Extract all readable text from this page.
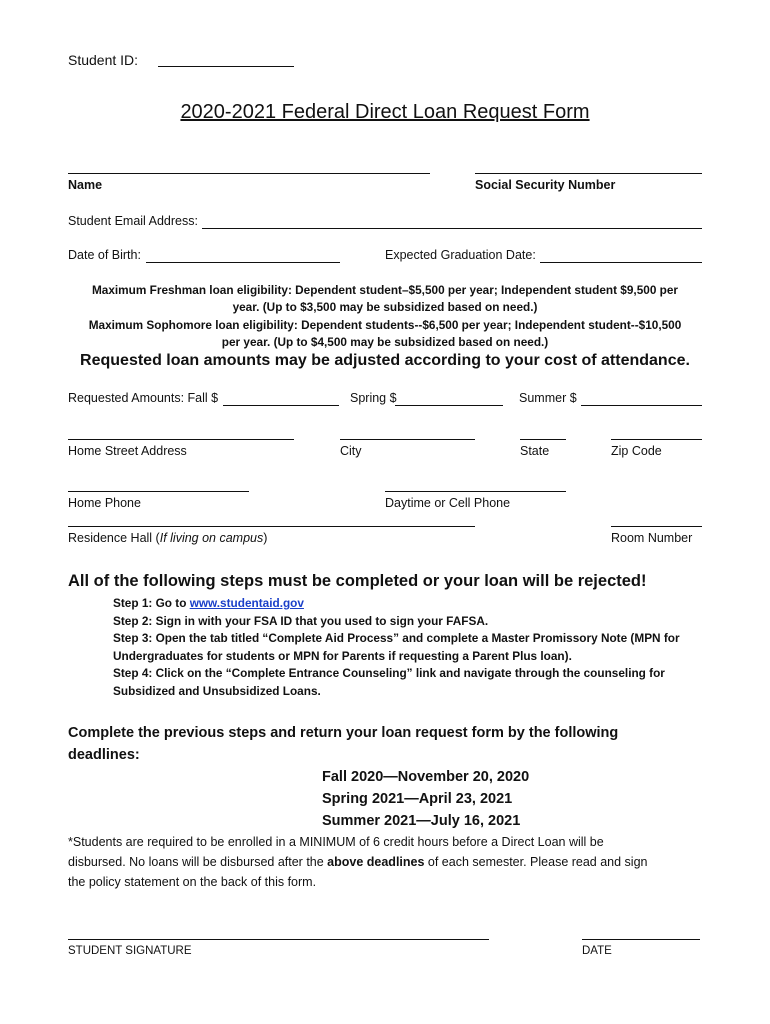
Student ID:
2020-2021 Federal Direct Loan Request Form
Name	Social Security Number
Student Email Address:
Date of Birth:	Expected Graduation Date:
Maximum Freshman loan eligibility: Dependent student–$5,500 per year; Independent student $9,500 per
year. (Up to $3,500 may be subsidized based on need.)
Maximum Sophomore loan eligibility: Dependent students--$6,500 per year; Independent student--$10,500
per year. (Up to $4,500 may be subsidized based on need.)
Requested loan amounts may be adjusted according to your cost of attendance.
Requested Amounts: Fall $	Spring $	Summer $
Home Street Address	City	State	Zip Code
Home Phone	Daytime or Cell Phone
Residence Hall (If living on campus)	Room Number
All of the following steps must be completed or your loan will be rejected!
Step 1: Go to www.studentaid.gov
Step 2: Sign in with your FSA ID that you used to sign your FAFSA.
Step 3: Open the tab titled “Complete Aid Process” and complete a Master Promissory Note (MPN for
Undergraduates for students or MPN for Parents if requesting a Parent Plus loan).
Step 4: Click on the “Complete Entrance Counseling” link and navigate through the counseling for
Subsidized and Unsubsidized Loans.
Complete the previous steps and return your loan request form by the following
deadlines:
Fall 2020—November 20, 2020
Spring 2021—April 23, 2021
Summer 2021—July 16, 2021
*Students are required to be enrolled in a MINIMUM of 6 credit hours before a Direct Loan will be
disbursed. No loans will be disbursed after the above deadlines of each semester. Please read and sign
the policy statement on the back of this form.
STUDENT SIGNATURE	DATE
